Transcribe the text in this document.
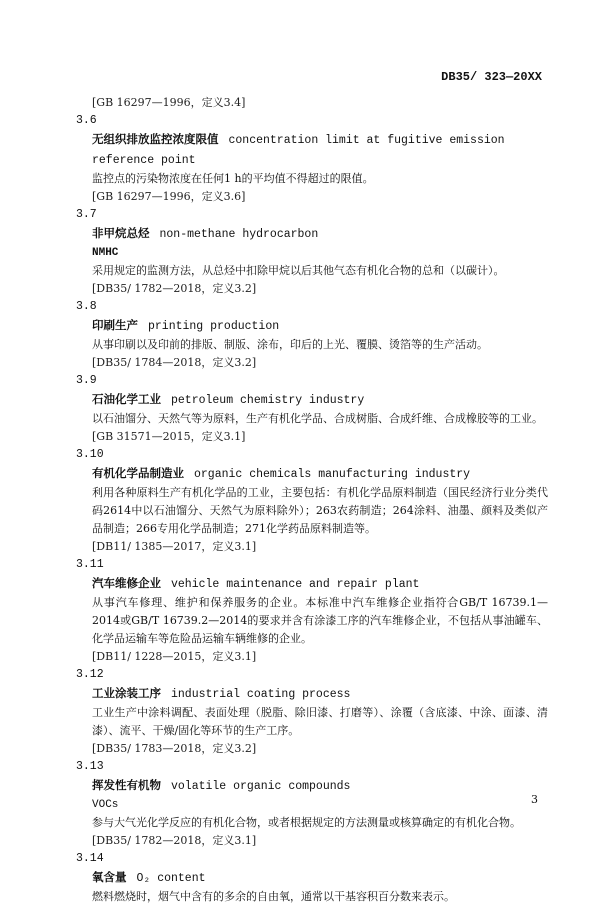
DB35/ 323—20XX
[GB 16297—1996，定义3.4]
3.6
无组织排放监控浓度限值 concentration limit at fugitive emission reference point
监控点的污染物浓度在任何1 h的平均值不得超过的限值。
[GB 16297—1996，定义3.6]
3.7
非甲烷总烃 non-methane hydrocarbon
NMHC
采用规定的监测方法，从总烃中扣除甲烷以后其他气态有机化合物的总和（以碳计）。
[DB35/ 1782—2018，定义3.2]
3.8
印刷生产 printing production
从事印刷以及印前的排版、制版、涂布，印后的上光、覆膜、烫箔等的生产活动。
[DB35/ 1784—2018，定义3.2]
3.9
石油化学工业 petroleum chemistry industry
以石油馏分、天然气等为原料，生产有机化学品、合成树脂、合成纤维、合成橡胶等的工业。
[GB 31571—2015，定义3.1]
3.10
有机化学品制造业 organic chemicals manufacturing industry
利用各种原料生产有机化学品的工业，主要包括：有机化学品原料制造（国民经济行业分类代码2614中以石油馏分、天然气为原料除外）；263农药制造；264涂料、油墨、颜料及类似产品制造；266专用化学品制造；271化学药品原料制造等。
[DB11/ 1385—2017，定义3.1]
3.11
汽车维修企业 vehicle maintenance and repair plant
从事汽车修理、维护和保养服务的企业。本标准中汽车维修企业指符合GB/T 16739.1—2014或GB/T 16739.2—2014的要求并含有涂漆工序的汽车维修企业，不包括从事油罐车、化学品运输车等危险品运输车辆维修的企业。
[DB11/ 1228—2015，定义3.1]
3.12
工业涂装工序 industrial coating process
工业生产中涂料调配、表面处理（脱脂、除旧漆、打磨等）、涂覆（含底漆、中涂、面漆、清漆）、流平、干燥/固化等环节的生产工序。
[DB35/ 1783—2018，定义3.2]
3.13
挥发性有机物 volatile organic compounds
VOCs
参与大气光化学反应的有机化合物，或者根据规定的方法测量或核算确定的有机化合物。
[DB35/ 1782—2018，定义3.1]
3.14
氧含量 O₂ content
燃料燃烧时，烟气中含有的多余的自由氧，通常以干基容积百分数来表示。
3
